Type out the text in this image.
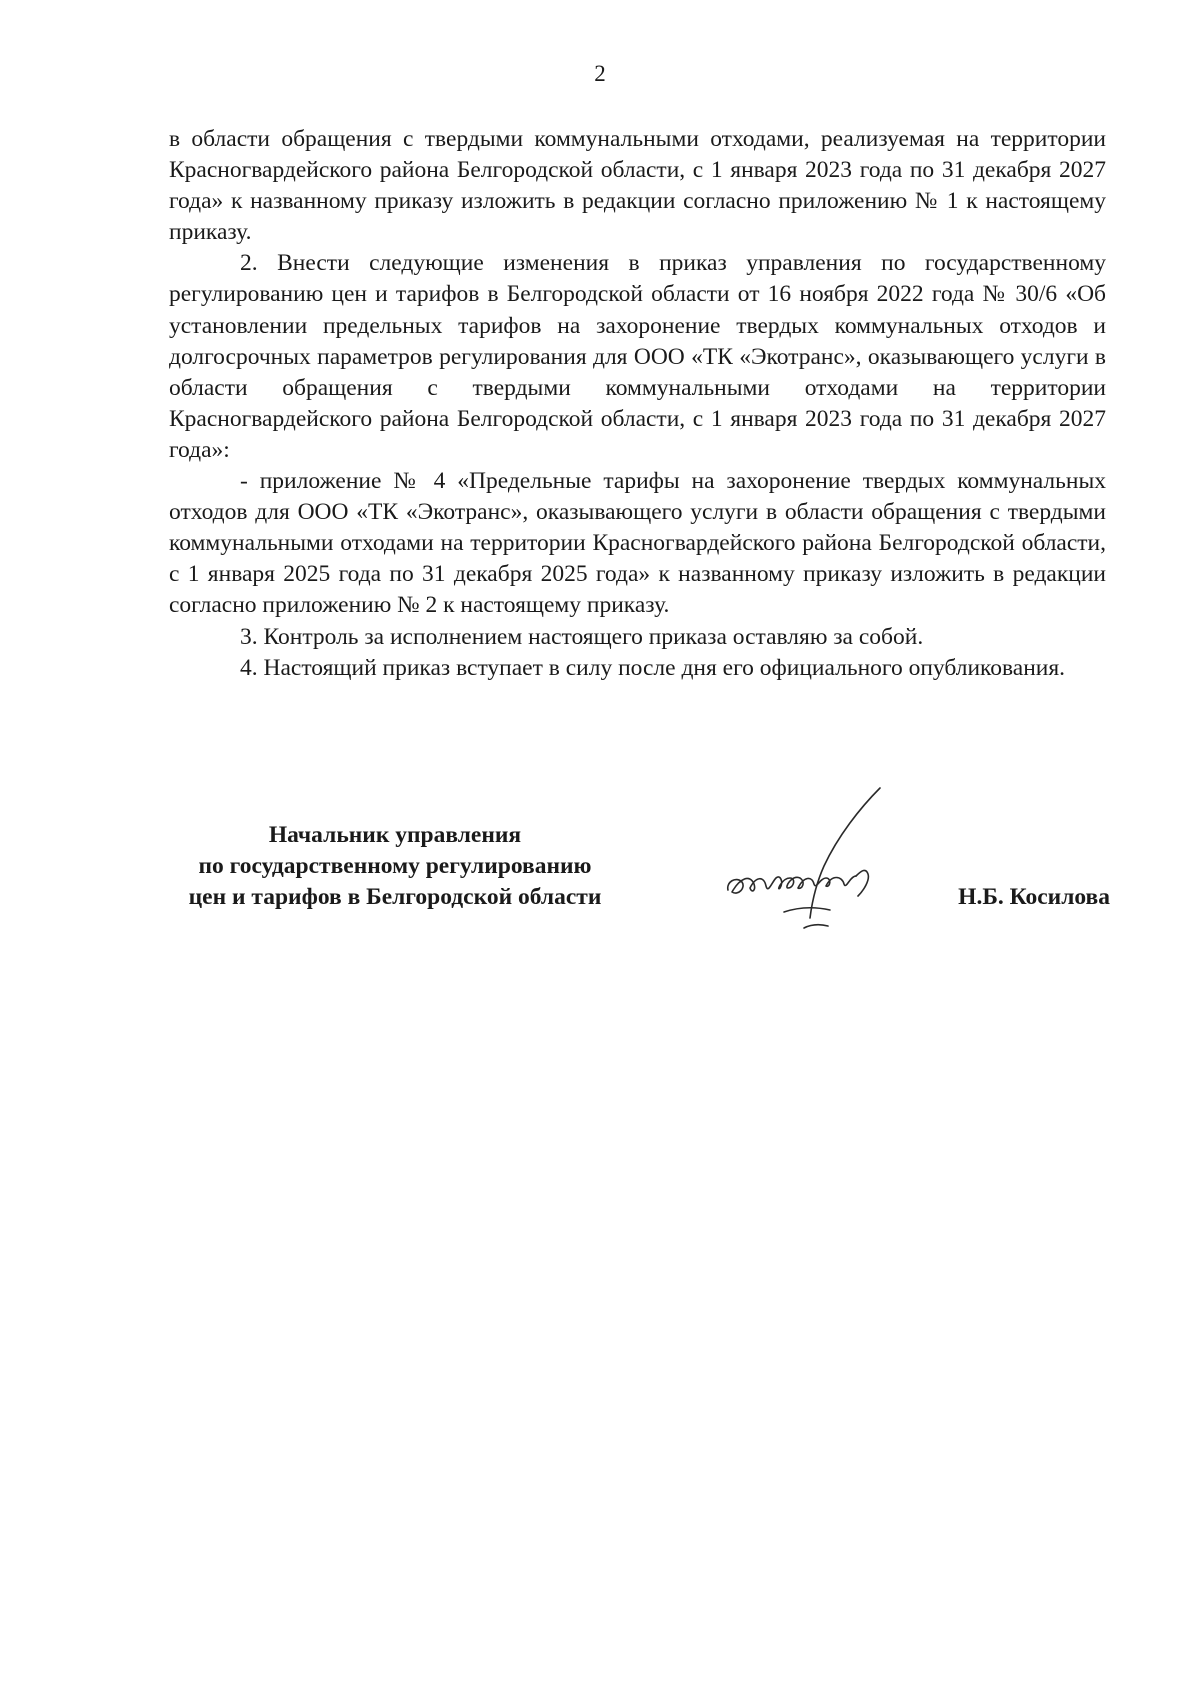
2

в области обращения с твердыми коммунальными отходами, реализуемая на территории Красногвардейского района Белгородской области, с 1 января 2023 года по 31 декабря 2027 года» к названному приказу изложить в редакции согласно приложению № 1 к настоящему приказу.

2. Внести следующие изменения в приказ управления по государственному регулированию цен и тарифов в Белгородской области от 16 ноября 2022 года № 30/6 «Об установлении предельных тарифов на захоронение твердых коммунальных отходов и долгосрочных параметров регулирования для ООО «ТК «Экотранс», оказывающего услуги в области обращения с твердыми коммунальными отходами на территории Красногвардейского района Белгородской области, с 1 января 2023 года по 31 декабря 2027 года»:

- приложение № 4 «Предельные тарифы на захоронение твердых коммунальных отходов для ООО «ТК «Экотранс», оказывающего услуги в области обращения с твердыми коммунальными отходами на территории Красногвардейского района Белгородской области, с 1 января 2025 года по 31 декабря 2025 года» к названному приказу изложить в редакции согласно приложению № 2 к настоящему приказу.

3. Контроль за исполнением настоящего приказа оставляю за собой.

4. Настоящий приказ вступает в силу после дня его официального опубликования.

Начальник управления
по государственному регулированию
цен и тарифов в Белгородской области	Н.Б. Косилова
